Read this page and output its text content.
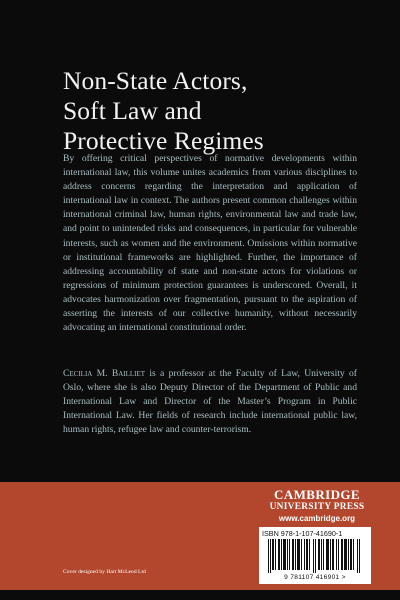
Non-State Actors,
Soft Law and
Protective Regimes

By offering critical perspectives of normative developments within international law, this volume unites academics from various disciplines to address concerns regarding the interpretation and application of international law in context. The authors present common challenges within international criminal law, human rights, environmental law and trade law, and point to unintended risks and consequences, in particular for vulnerable interests, such as women and the environment. Omissions within normative or institutional frameworks are highlighted. Further, the importance of addressing accountability of state and non-state actors for violations or regressions of minimum protection guarantees is underscored. Overall, it advocates harmonization over fragmentation, pursuant to the aspiration of asserting the interests of our collective humanity, without necessarily advocating an international constitutional order.

Cecilia M. Bailliet is a professor at the Faculty of Law, University of Oslo, where she is also Deputy Director of the Department of Public and International Law and Director of the Master’s Program in Public International Law. Her fields of research include international public law, human rights, refugee law and counter-terrorism.

CAMBRIDGE
UNIVERSITY PRESS
www.cambridge.org
ISBN 978-1-107-41690-1
9 781107 416901 >
Cover designed by Hart McLeod Ltd
